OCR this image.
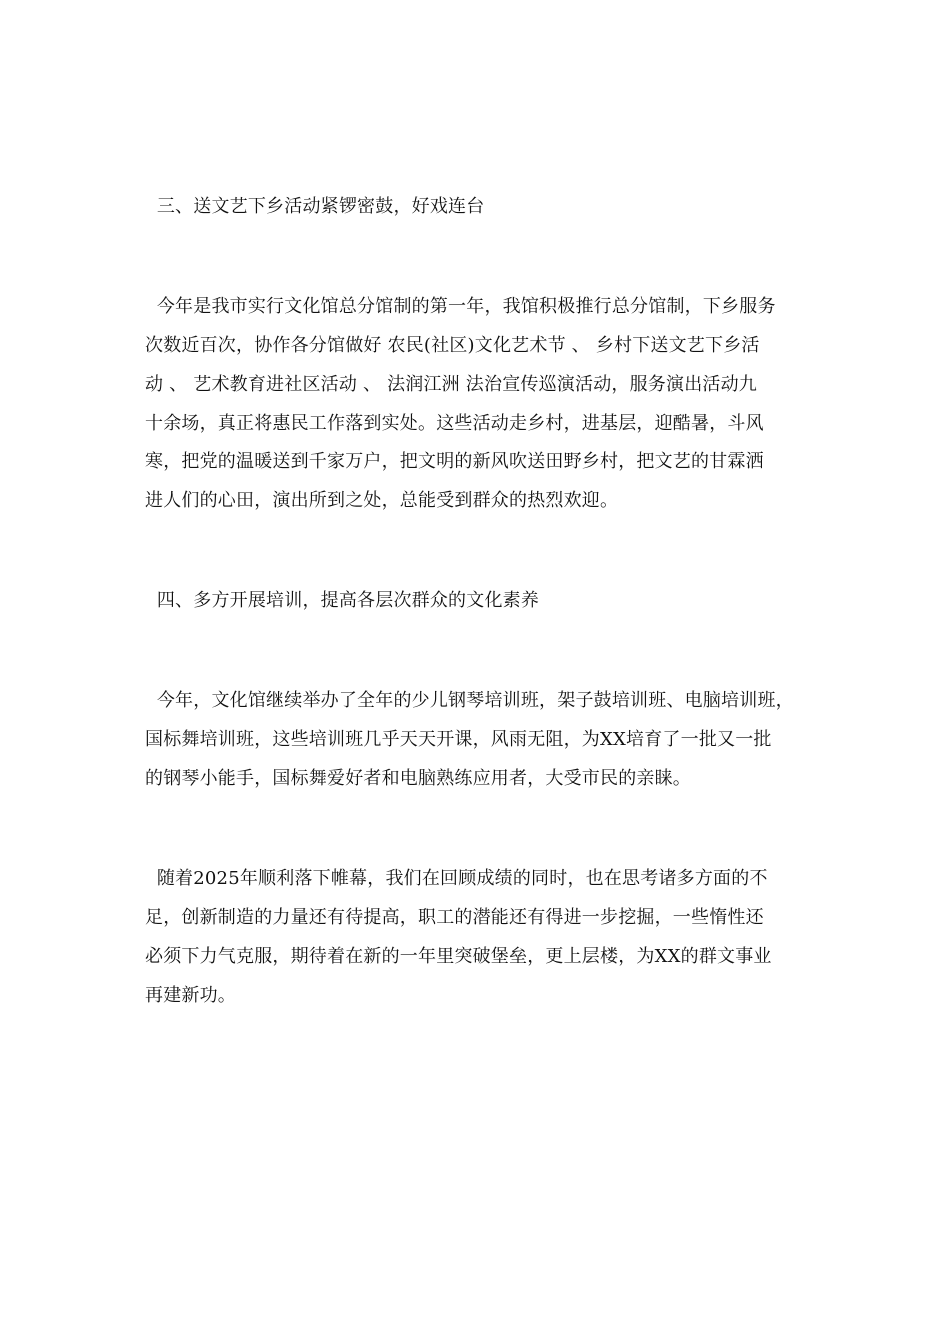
三、送文艺下乡活动紧锣密鼓，好戏连台

今年是我市实行文化馆总分馆制的第一年，我馆积极推行总分馆制，下乡服务

次数近百次，协作各分馆做好 农民(社区)文化艺术节 、 乡村下送文艺下乡活

动 、 艺术教育进社区活动 、 法润江洲 法治宣传巡演活动，服务演出活动九

十余场，真正将惠民工作落到实处。这些活动走乡村，进基层，迎酷暑，斗风

寒，把党的温暖送到千家万户，把文明的新风吹送田野乡村，把文艺的甘霖洒

进人们的心田，演出所到之处，总能受到群众的热烈欢迎。

四、多方开展培训，提高各层次群众的文化素养

今年，文化馆继续举办了全年的少儿钢琴培训班，架子鼓培训班、电脑培训班，

国标舞培训班，这些培训班几乎天天开课，风雨无阻，为XX培育了一批又一批

的钢琴小能手，国标舞爱好者和电脑熟练应用者，大受市民的亲睐。

随着2025年顺利落下帷幕，我们在回顾成绩的同时，也在思考诸多方面的不

足，创新制造的力量还有待提高，职工的潜能还有得进一步挖掘，一些惰性还

必须下力气克服，期待着在新的一年里突破堡垒，更上层楼，为XX的群文事业

再建新功。
